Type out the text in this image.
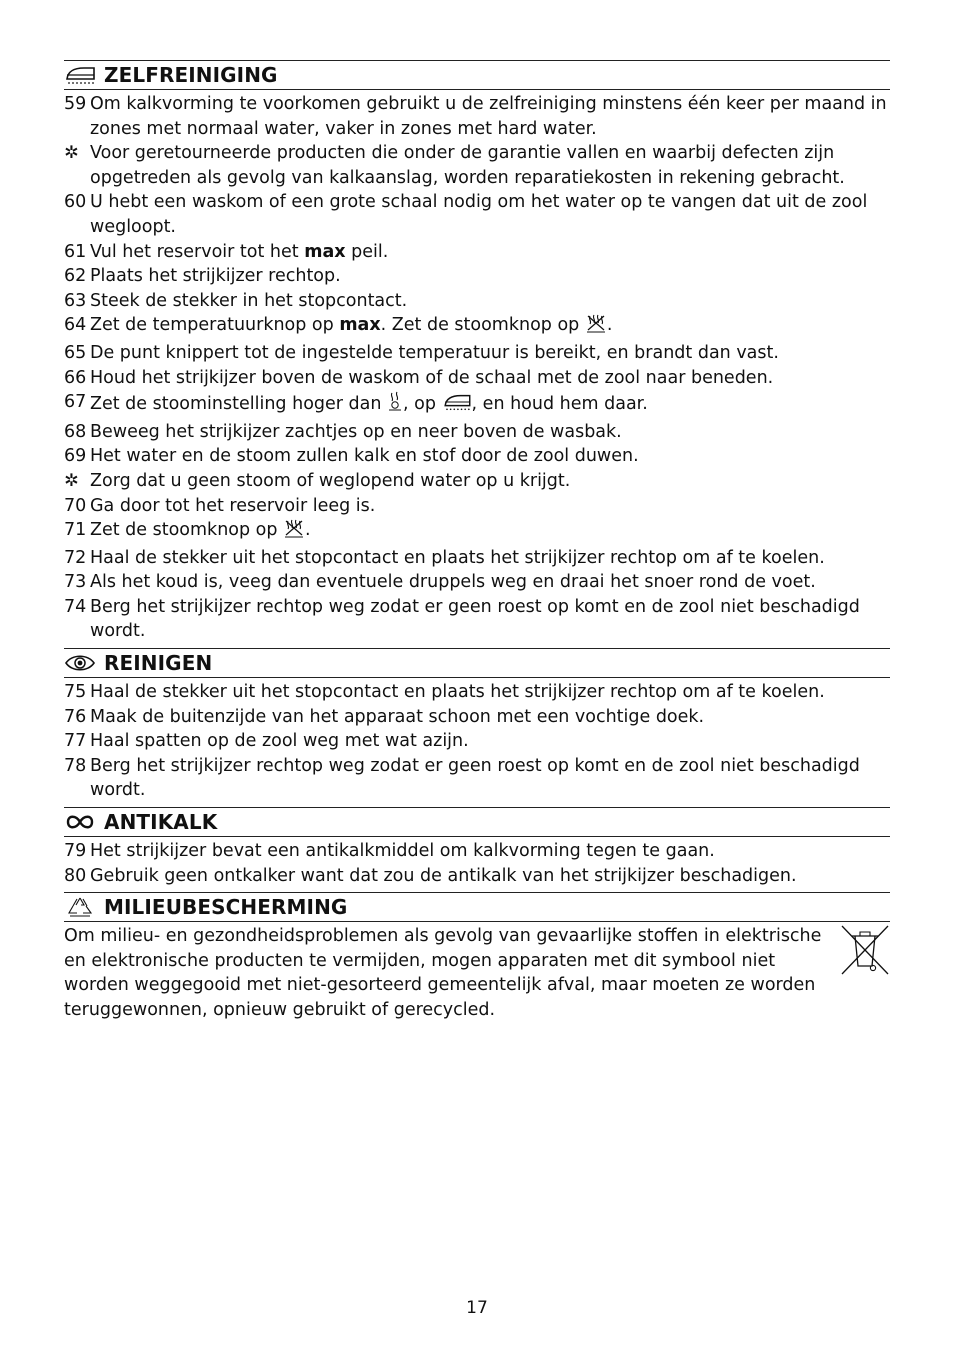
ZELFREINIGING
59 Om kalkvorming te voorkomen gebruikt u de zelfreiniging minstens één keer per maand in zones met normaal water, vaker in zones met hard water.
✲ Voor geretourneerde producten die onder de garantie vallen en waarbij defecten zijn opgetreden als gevolg van kalkaanslag, worden reparatiekosten in rekening gebracht.
60 U hebt een waskom of een grote schaal nodig om het water op te vangen dat uit de zool wegloopt.
61 Vul het reservoir tot het max peil.
62 Plaats het strijkijzer rechtop.
63 Steek de stekker in het stopcontact.
64 Zet de temperatuurknop op max. Zet de stoomknop op .
65 De punt knippert tot de ingestelde temperatuur is bereikt, en brandt dan vast.
66 Houd het strijkijzer boven de waskom of de schaal met de zool naar beneden.
67 Zet de stoominstelling hoger dan , op , en houd hem daar.
68 Beweeg het strijkijzer zachtjes op en neer boven de wasbak.
69 Het water en de stoom zullen kalk en stof door de zool duwen.
✲ Zorg dat u geen stoom of weglopend water op u krijgt.
70 Ga door tot het reservoir leeg is.
71 Zet de stoomknop op .
72 Haal de stekker uit het stopcontact en plaats het strijkijzer rechtop om af te koelen.
73 Als het koud is, veeg dan eventuele druppels weg en draai het snoer rond de voet.
74 Berg het strijkijzer rechtop weg zodat er geen roest op komt en de zool niet beschadigd wordt.
REINIGEN
75 Haal de stekker uit het stopcontact en plaats het strijkijzer rechtop om af te koelen.
76 Maak de buitenzijde van het apparaat schoon met een vochtige doek.
77 Haal spatten op de zool weg met wat azijn.
78 Berg het strijkijzer rechtop weg zodat er geen roest op komt en de zool niet beschadigd wordt.
ANTIKALK
79 Het strijkijzer bevat een antikalkmiddel om kalkvorming tegen te gaan.
80 Gebruik geen ontkalker want dat zou de antikalk van het strijkijzer beschadigen.
MILIEUBESCHERMING
Om milieu- en gezondheidsproblemen als gevolg van gevaarlijke stoffen in elektrische en elektronische producten te vermijden, mogen apparaten met dit symbool niet worden weggegooid met niet-gesorteerd gemeentelijk afval, maar moeten ze worden teruggewonnen, opnieuw gebruikt of gerecycled.
17
